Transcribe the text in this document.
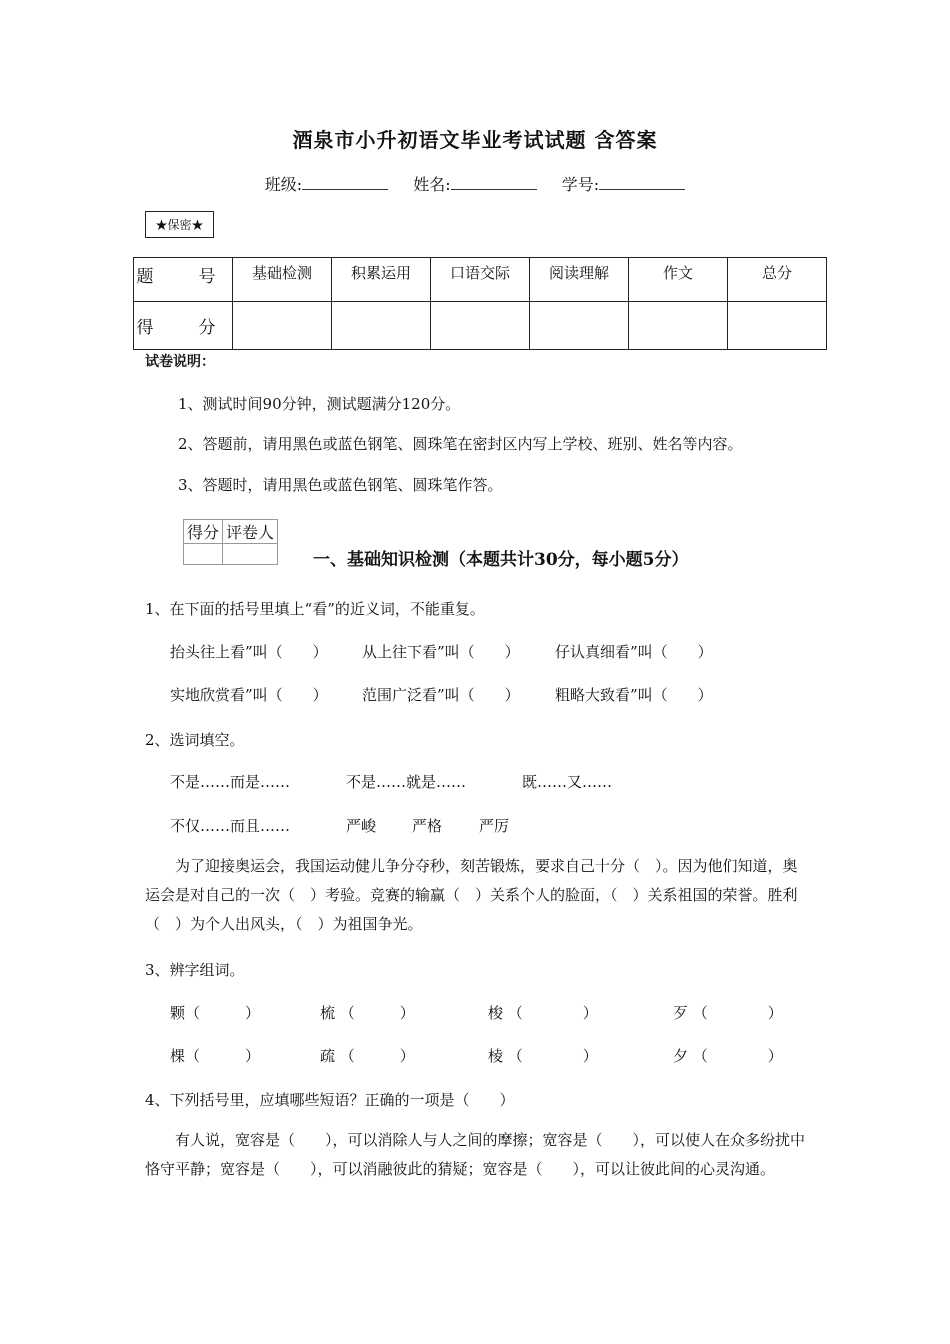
酒泉市小升初语文毕业考试试题 含答案
班级:	姓名:	学号:
★保密★
题　号	基础检测	积累运用	口语交际	阅读理解	作文	总分
得　分						
试卷说明：
1、测试时间90分钟，测试题满分120分。
2、答题前，请用黑色或蓝色钢笔、圆珠笔在密封区内写上学校、班别、姓名等内容。
3、答题时，请用黑色或蓝色钢笔、圆珠笔作答。
得分	评卷人

一、基础知识检测（本题共计30分，每小题5分）
1、在下面的括号里填上“看”的近义词，不能重复。
抬头往上看”叫（　　） 从上往下看”叫（　　） 仔认真细看”叫（　　）
实地欣赏看”叫（　　） 范围广泛看”叫（　　） 粗略大致看”叫（　　）
2、选词填空。
不是……而是……	不是……就是……	既……又……
不仅……而且……	严峻 严格 严厉
为了迎接奥运会，我国运动健儿争分夺秒，刻苦锻炼，要求自己十分（　）。因为他们知道，奥运会是对自己的一次（　）考验。竞赛的输赢（　）关系个人的脸面，（　）关系祖国的荣誉。胜利（　）为个人出风头，（　）为祖国争光。
3、辨字组词。
颗（　　　）	梳 （　　　）	梭 （　　　　）	歹 （　　　　）
棵（　　　）	疏 （　　　）	棱 （　　　　）	夕 （　　　　）
4、下列括号里，应填哪些短语？正确的一项是（　　）
有人说，宽容是（　　），可以消除人与人之间的摩擦；宽容是（　　），可以使人在众多纷扰中恪守平静；宽容是（　　），可以消融彼此的猜疑；宽容是（　　），可以让彼此间的心灵沟通。
